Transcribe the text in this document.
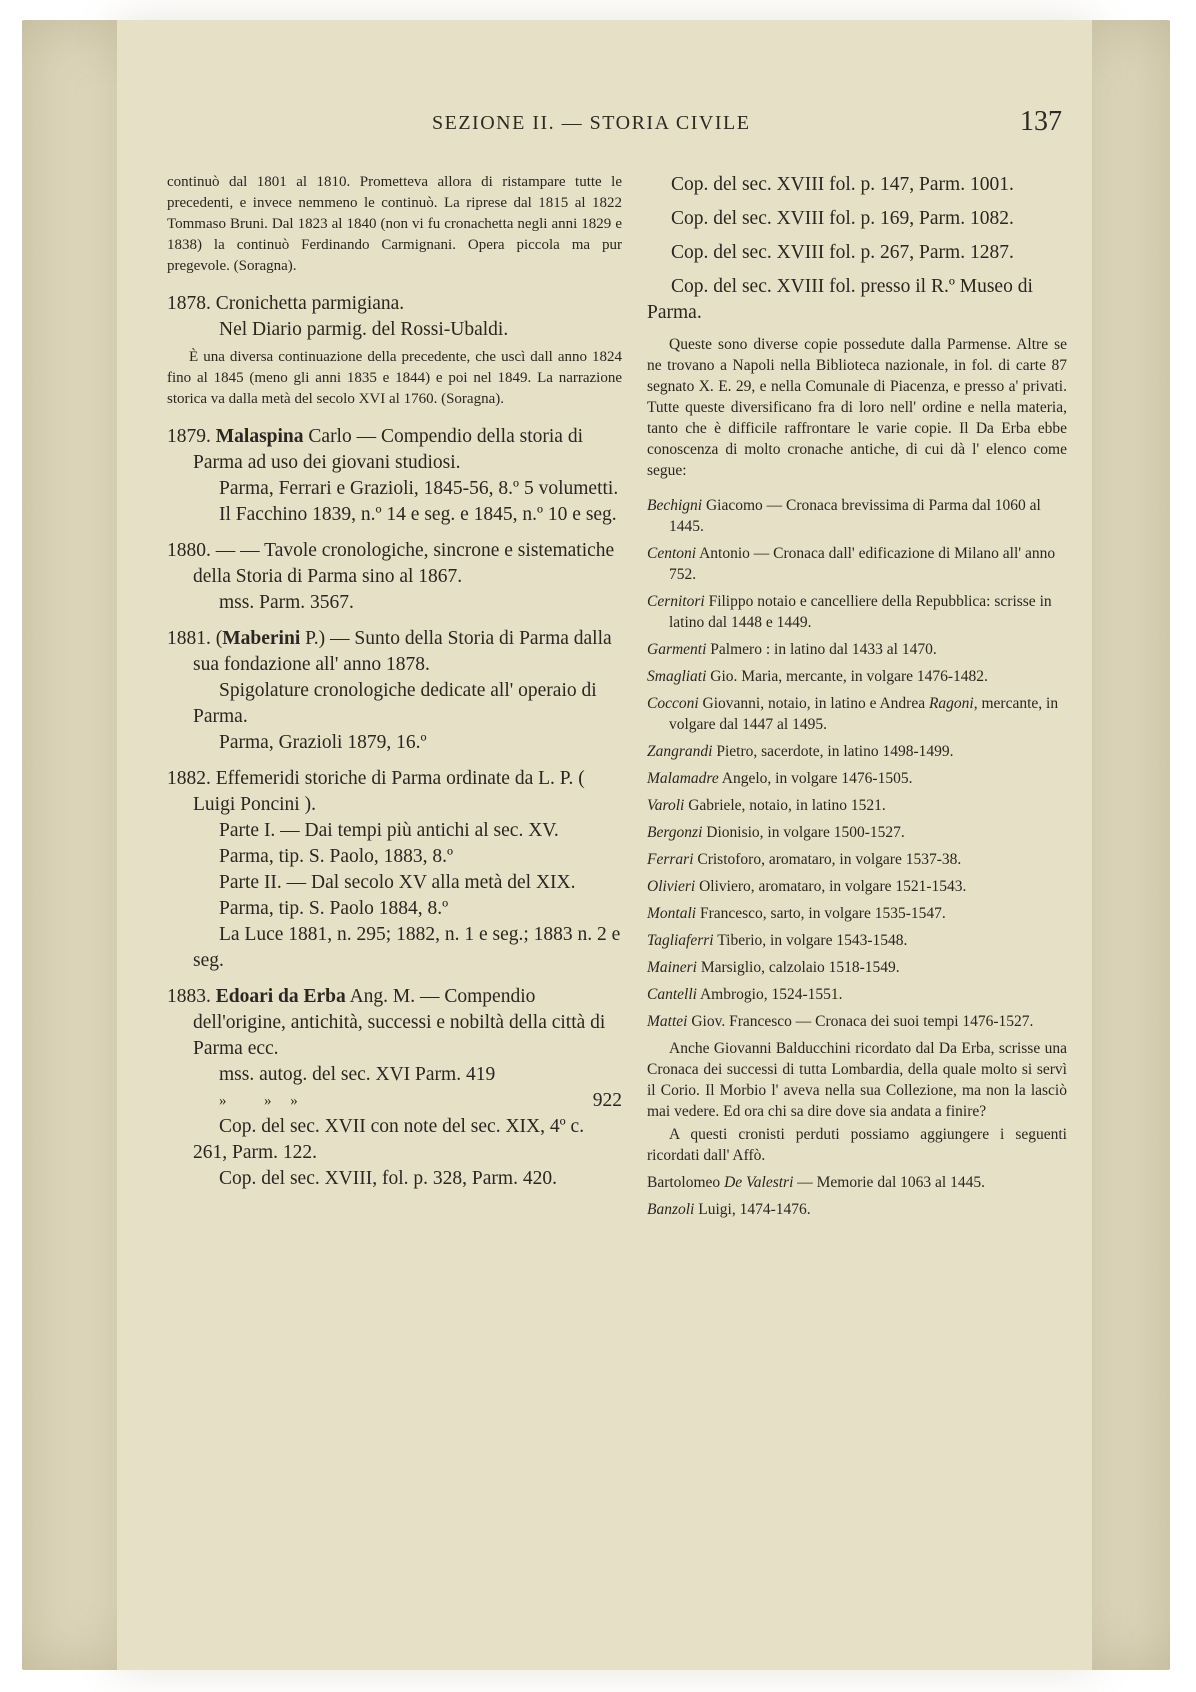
SEZIONE II. — STORIA CIVILE	137

continuò dal 1801 al 1810. Prometteva allora di ristampare tutte le precedenti, e invece nemmeno le continuò. La riprese dal 1815 al 1822 Tommaso Bruni. Dal 1823 al 1840 (non vi fu cronachetta negli anni 1829 e 1838) la continuò Ferdinando Carmignani. Opera piccola ma pur pregevole. (Soragna).

1878. Cronichetta parmigiana.
Nel Diario parmig. del Rossi-Ubaldi.

È una diversa continuazione della precedente, che uscì dall anno 1824 fino al 1845 (meno gli anni 1835 e 1844) e poi nel 1849. La narrazione storica va dalla metà del secolo XVI al 1760. (Soragna).

1879. Malaspina Carlo — Compendio della storia di Parma ad uso dei giovani studiosi.
Parma, Ferrari e Grazioli, 1845-56, 8.º 5 volumetti.
Il Facchino 1839, n.º 14 e seg. e 1845, n.º 10 e seg.
1880. — — Tavole cronologiche, sincrone e sistematiche della Storia di Parma sino al 1867.
mss. Parm. 3567.
1881. (Maberini P.) — Sunto della Storia di Parma dalla sua fondazione all' anno 1878.
Spigolature cronologiche dedicate all' operaio di Parma.
Parma, Grazioli 1879, 16.º
1882. Effemeridi storiche di Parma ordinate da L. P. ( Luigi Poncini ).
Parte I. — Dai tempi più antichi al sec. XV.
Parma, tip. S. Paolo, 1883, 8.º
Parte II. — Dal secolo XV alla metà del XIX.
Parma, tip. S. Paolo 1884, 8.º
La Luce 1881, n. 295; 1882, n. 1 e seg.; 1883 n. 2 e seg.
1883. Edoari da Erba Ang. M. — Compendio dell'origine, antichità, successi e nobiltà della città di Parma ecc.
mss. autog. del sec. XVI Parm. 419
»          »     »	922
Cop. del sec. XVII con note del sec. XIX, 4º c. 261, Parm. 122.
Cop. del sec. XVIII, fol. p. 328, Parm. 420.

Cop. del sec. XVIII fol. p. 147, Parm. 1001.

Cop. del sec. XVIII fol. p. 169, Parm. 1082.

Cop. del sec. XVIII fol. p. 267, Parm. 1287.

Cop. del sec. XVIII fol. presso il R.º Museo di Parma.

Queste sono diverse copie possedute dalla Parmense. Altre se ne trovano a Napoli nella Biblioteca nazionale, in fol. di carte 87 segnato X. E. 29, e nella Comunale di Piacenza, e presso a' privati. Tutte queste diversificano fra di loro nell' ordine e nella materia, tanto che è difficile raffrontare le varie copie. Il Da Erba ebbe conoscenza di molto cronache antiche, di cui dà l' elenco come segue:

Bechigni Giacomo — Cronaca brevissima di Parma dal 1060 al 1445.

Centoni Antonio — Cronaca dall' edificazione di Milano all' anno 752.

Cernitori Filippo notaio e cancelliere della Repubblica: scrisse in latino dal 1448 e 1449.

Garmenti Palmero : in latino dal 1433 al 1470.

Smagliati Gio. Maria, mercante, in volgare 1476-1482.

Cocconi Giovanni, notaio, in latino e Andrea Ragoni, mercante, in volgare dal 1447 al 1495.

Zangrandi Pietro, sacerdote, in latino 1498-1499.

Malamadre Angelo, in volgare 1476-1505.

Varoli Gabriele, notaio, in latino 1521.

Bergonzi Dionisio, in volgare 1500-1527.

Ferrari Cristoforo, aromataro, in volgare 1537-38.

Olivieri Oliviero, aromataro, in volgare 1521-1543.

Montali Francesco, sarto, in volgare 1535-1547.

Tagliaferri Tiberio, in volgare 1543-1548.

Maineri Marsiglio, calzolaio 1518-1549.

Cantelli Ambrogio, 1524-1551.

Mattei Giov. Francesco — Cronaca dei suoi tempi 1476-1527.

Anche Giovanni Balducchini ricordato dal Da Erba, scrisse una Cronaca dei successi di tutta Lombardia, della quale molto si servì il Corio. Il Morbio l' aveva nella sua Collezione, ma non la lasciò mai vedere. Ed ora chi sa dire dove sia andata a finire?

A questi cronisti perduti possiamo aggiungere i seguenti ricordati dall' Affò.

Bartolomeo De Valestri — Memorie dal 1063 al 1445.

Banzoli Luigi, 1474-1476.
